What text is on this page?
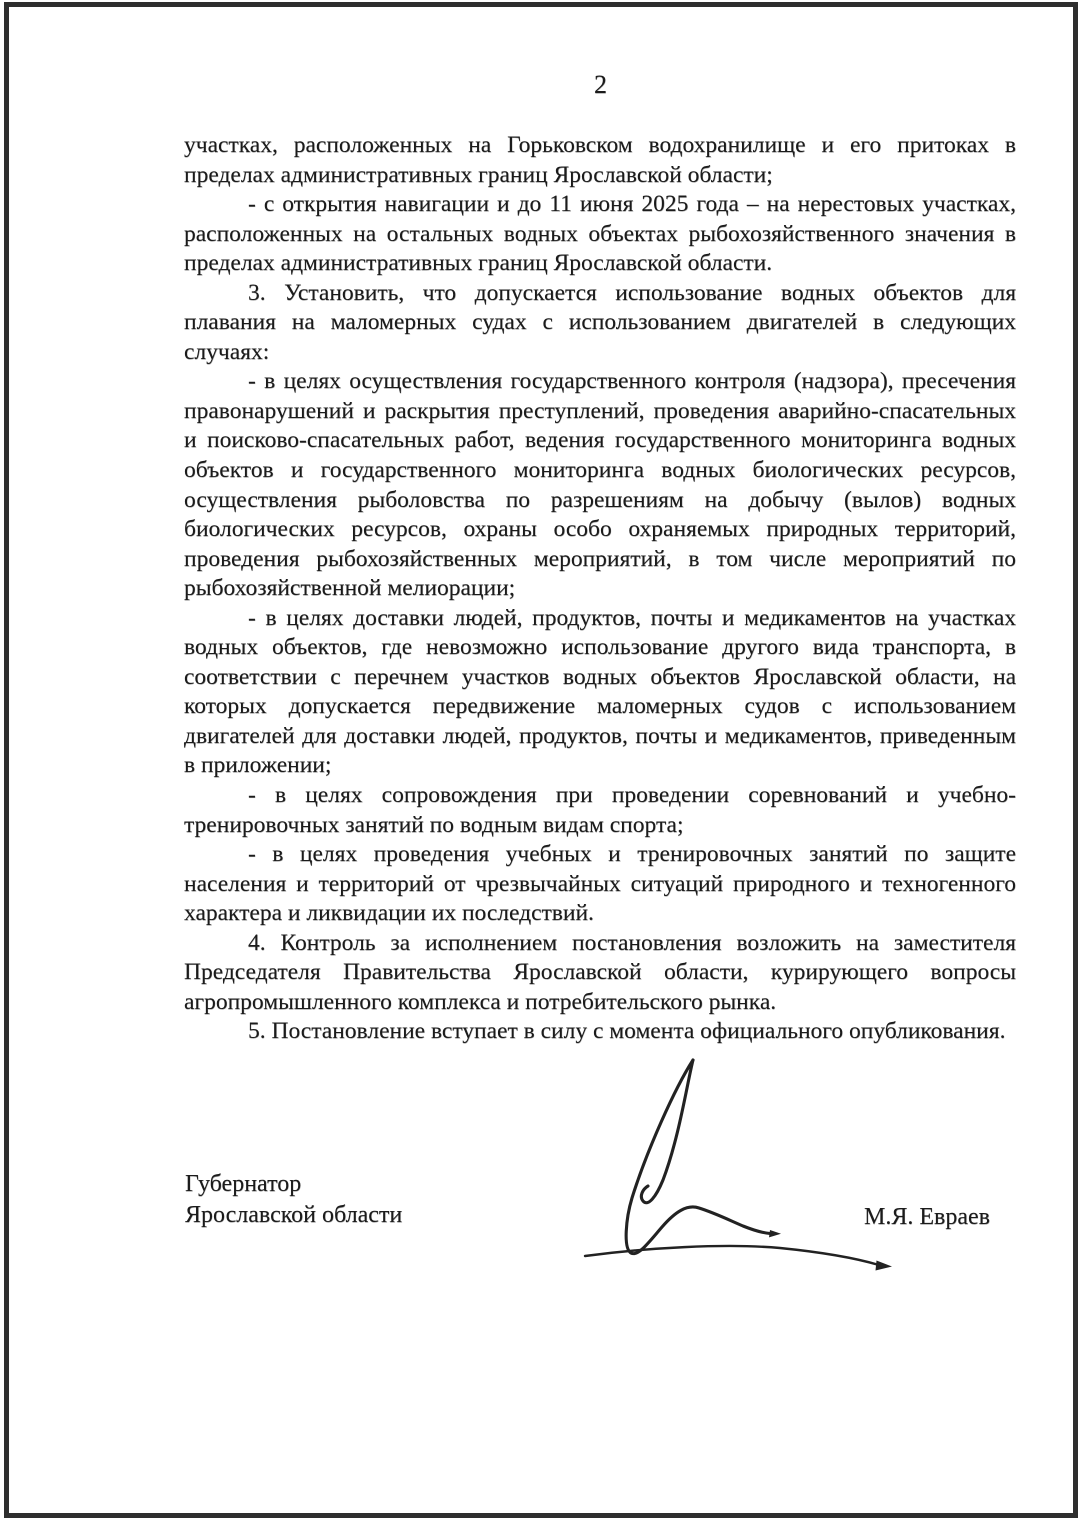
2

участках, расположенных на Горьковском водохранилище и его притоках в пределах административных границ Ярославской области;

- с открытия навигации и до 11 июня 2025 года – на нерестовых участках, расположенных на остальных водных объектах рыбохозяйственного значения в пределах административных границ Ярославской области.

3. Установить, что допускается использование водных объектов для плавания на маломерных судах с использованием двигателей в следующих случаях:

- в целях осуществления государственного контроля (надзора), пресечения правонарушений и раскрытия преступлений, проведения аварийно-спасательных и поисково-спасательных работ, ведения государственного мониторинга водных объектов и государственного мониторинга водных биологических ресурсов, осуществления рыболовства по разрешениям на добычу (вылов) водных биологических ресурсов, охраны особо охраняемых природных территорий, проведения рыбохозяйственных мероприятий, в том числе мероприятий по рыбохозяйственной мелиорации;

- в целях доставки людей, продуктов, почты и медикаментов на участках водных объектов, где невозможно использование другого вида транспорта, в соответствии с перечнем участков водных объектов Ярославской области, на которых допускается передвижение маломерных судов с использованием двигателей для доставки людей, продуктов, почты и медикаментов, приведенным в приложении;

- в целях сопровождения при проведении соревнований и учебно-тренировочных занятий по водным видам спорта;

- в целях проведения учебных и тренировочных занятий по защите населения и территорий от чрезвычайных ситуаций природного и техногенного характера и ликвидации их последствий.

4. Контроль за исполнением постановления возложить на заместителя Председателя Правительства Ярославской области, курирующего вопросы агропромышленного комплекса и потребительского рынка.

5. Постановление вступает в силу с момента официального опубликования.

Губернатор
Ярославской области	М.Я. Евраев
